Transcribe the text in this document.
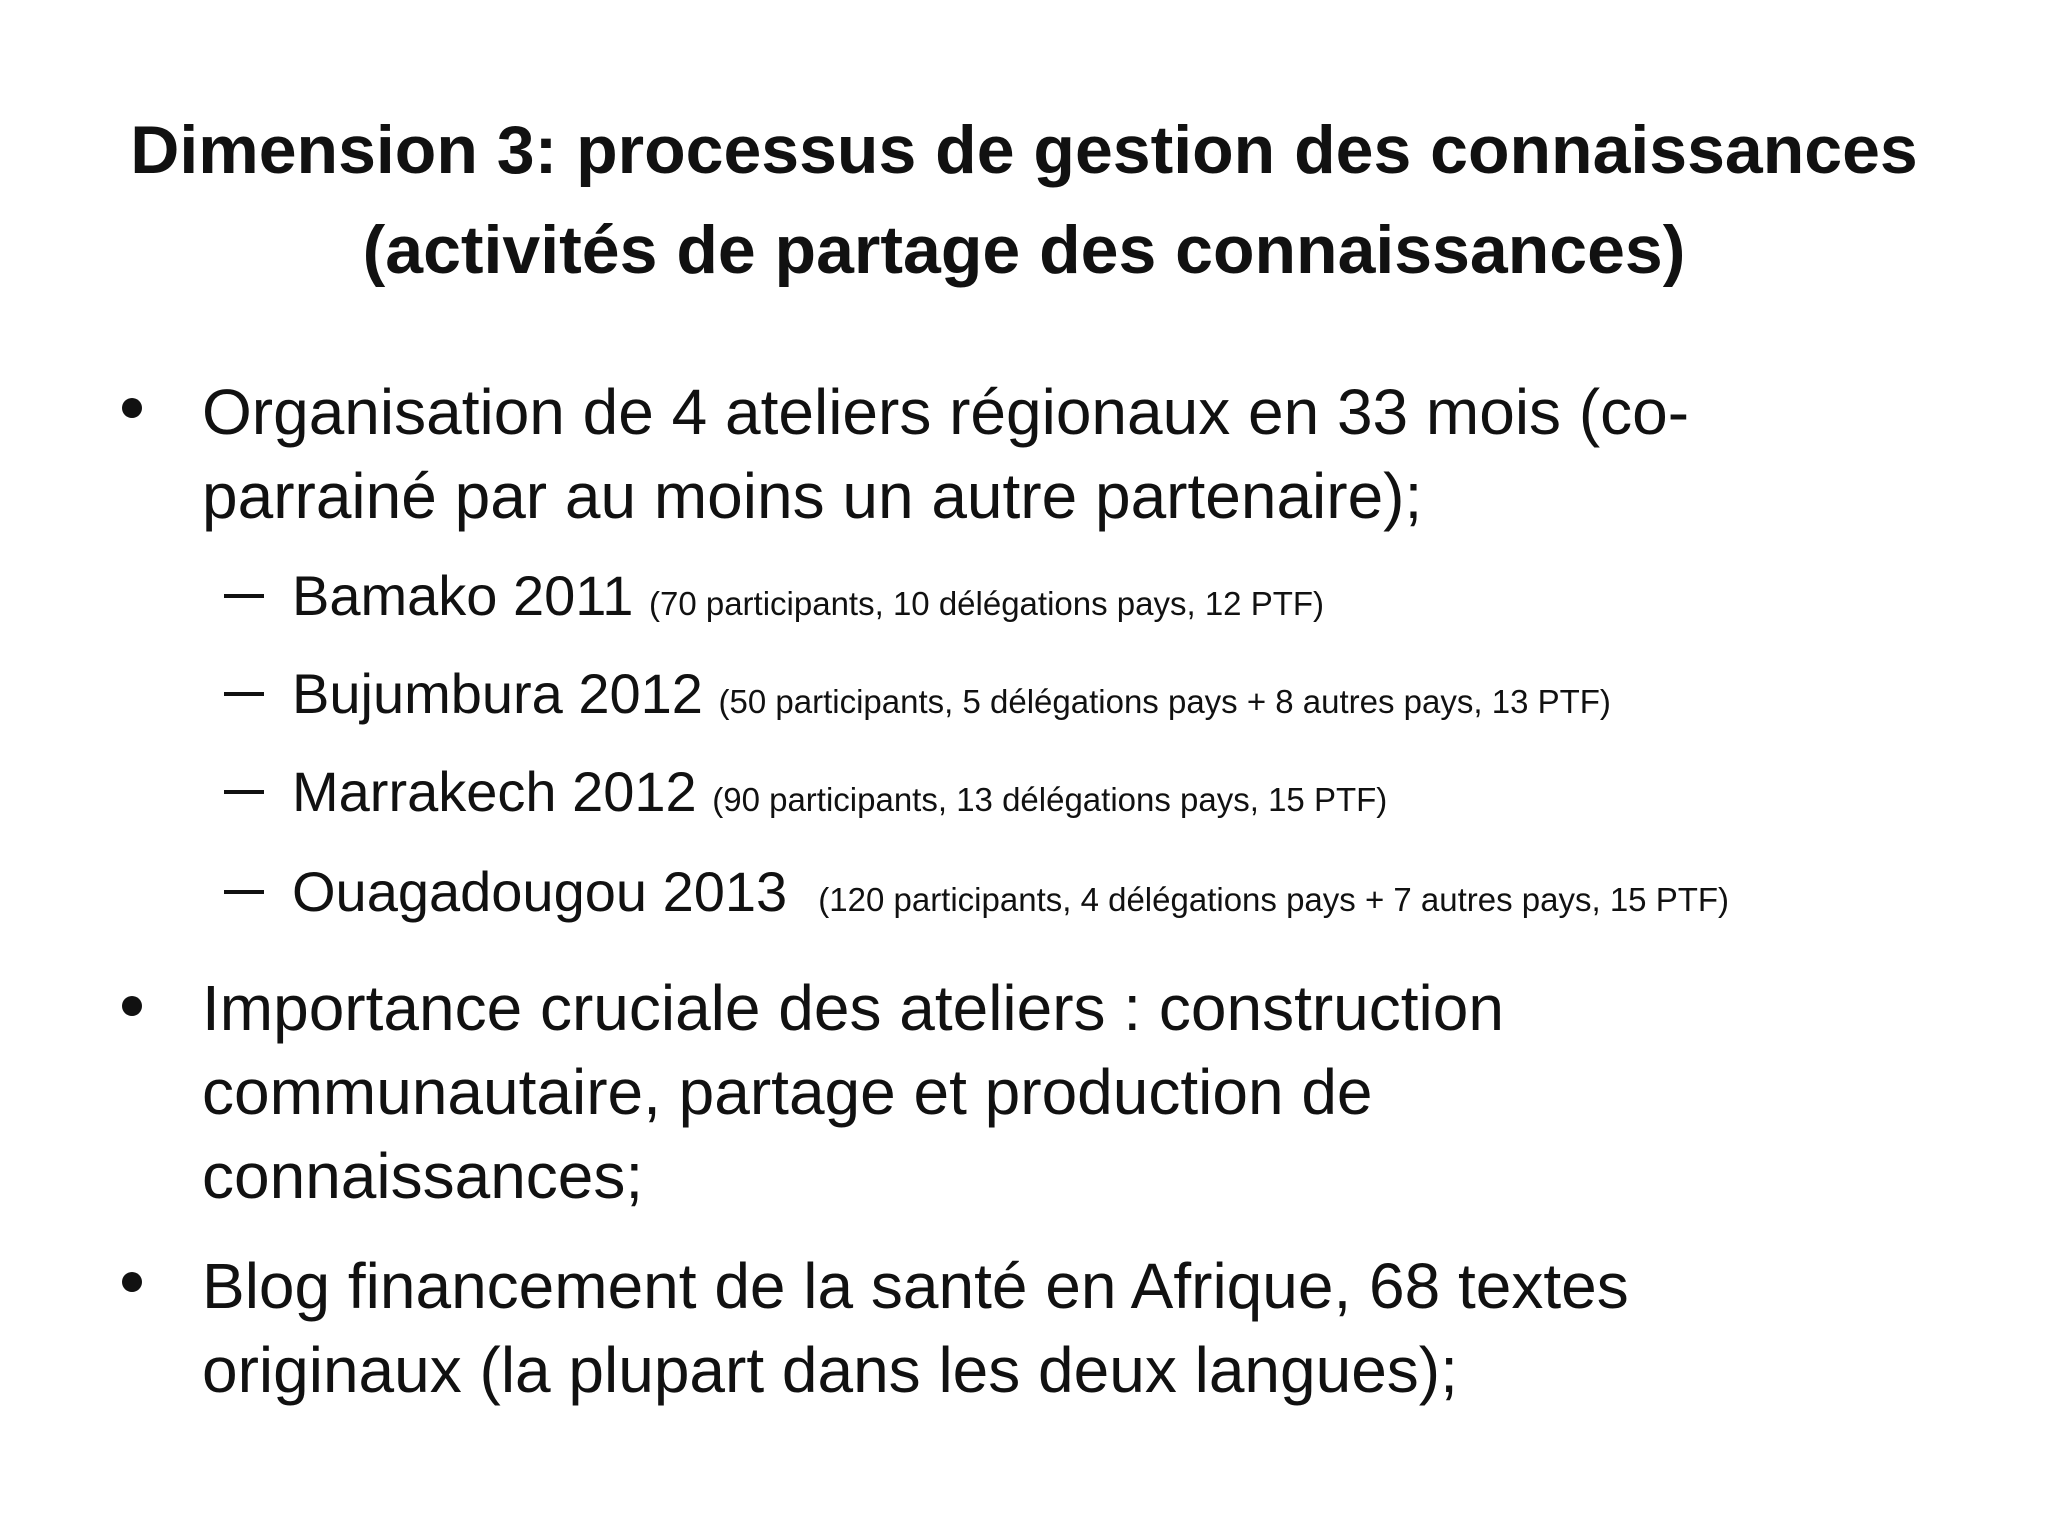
Dimension 3: processus de gestion des connaissances
(activités de partage des connaissances)
Organisation de 4 ateliers régionaux en 33 mois (co-
parrainé par au moins un autre partenaire);
Bamako 2011 (70 participants, 10 délégations pays, 12 PTF)
Bujumbura 2012 (50 participants, 5 délégations pays + 8 autres pays, 13 PTF)
Marrakech 2012 (90 participants, 13 délégations pays, 15 PTF)
Ouagadougou 2013  (120 participants, 4 délégations pays + 7 autres pays, 15 PTF)
Importance cruciale des ateliers : construction
communautaire, partage et production de
connaissances;
Blog financement de la santé en Afrique, 68 textes
originaux (la plupart dans les deux langues);
